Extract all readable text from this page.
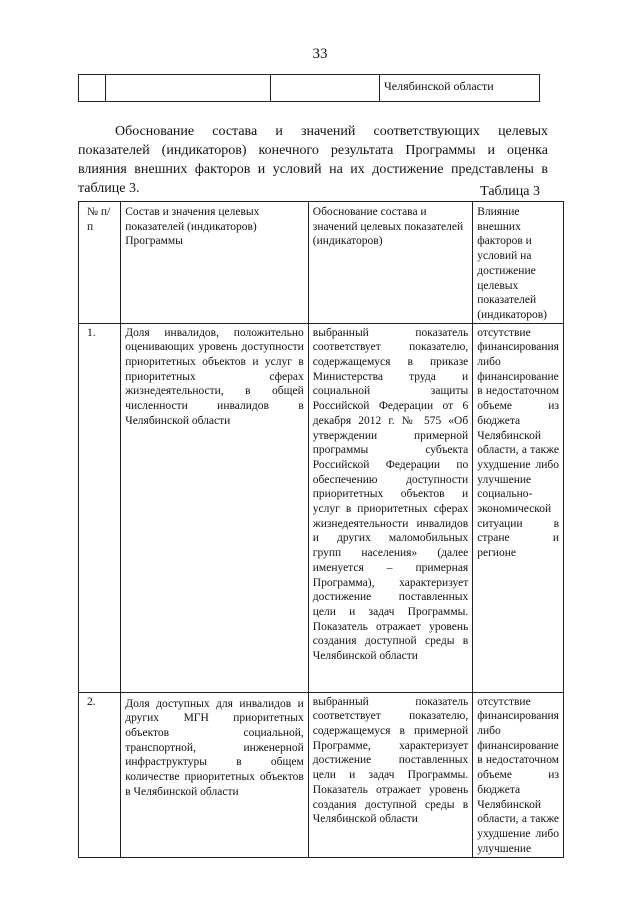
33
			Челябинской области
Обоснование состава и значений соответствующих целевых показателей (индикаторов) конечного результата Программы и оценка влияния внешних факторов и условий на их достижение представлены в таблице 3.	Таблица 3
№ п/п	Состав и значения целевых показателей (индикаторов) Программы	Обоснование состава и значений целевых показателей (индикаторов)	Влияние внешних факторов и условий на достижение целевых показателей (индикаторов)
1.	Доля инвалидов, положительно оценивающих уровень доступности приоритетных объектов и услуг в приоритетных сферах жизнедеятельности, в общей численности инвалидов в Челябинской области	выбранный показатель соответствует показателю, содержащемуся в приказе Министерства труда и социальной защиты Российской Федерации от 6 декабря 2012 г. № 575 «Об утверждении примерной программы субъекта Российской Федерации по обеспечению доступности приоритетных объектов и услуг в приоритетных сферах жизнедеятельности инвалидов и других маломобильных групп населения» (далее именуется – примерная Программа), характеризует достижение поставленных цели и задач Программы. Показатель отражает уровень создания доступной среды в Челябинской области	отсутствие финансирования либо финансирование в недостаточном объеме из бюджета Челябинской области, а также ухудшение либо улучшение социально-экономической ситуации в стране и регионе
2.	Доля доступных для инвалидов и других МГН приоритетных объектов социальной, транспортной, инженерной инфраструктуры в общем количестве приоритетных объектов в Челябинской области	выбранный показатель соответствует показателю, содержащемуся в примерной Программе, характеризует достижение поставленных цели и задач Программы. Показатель отражает уровень создания доступной среды в Челябинской области	отсутствие финансирования либо финансирование в недостаточном объеме из бюджета Челябинской области, а также ухудшение либо улучшение
